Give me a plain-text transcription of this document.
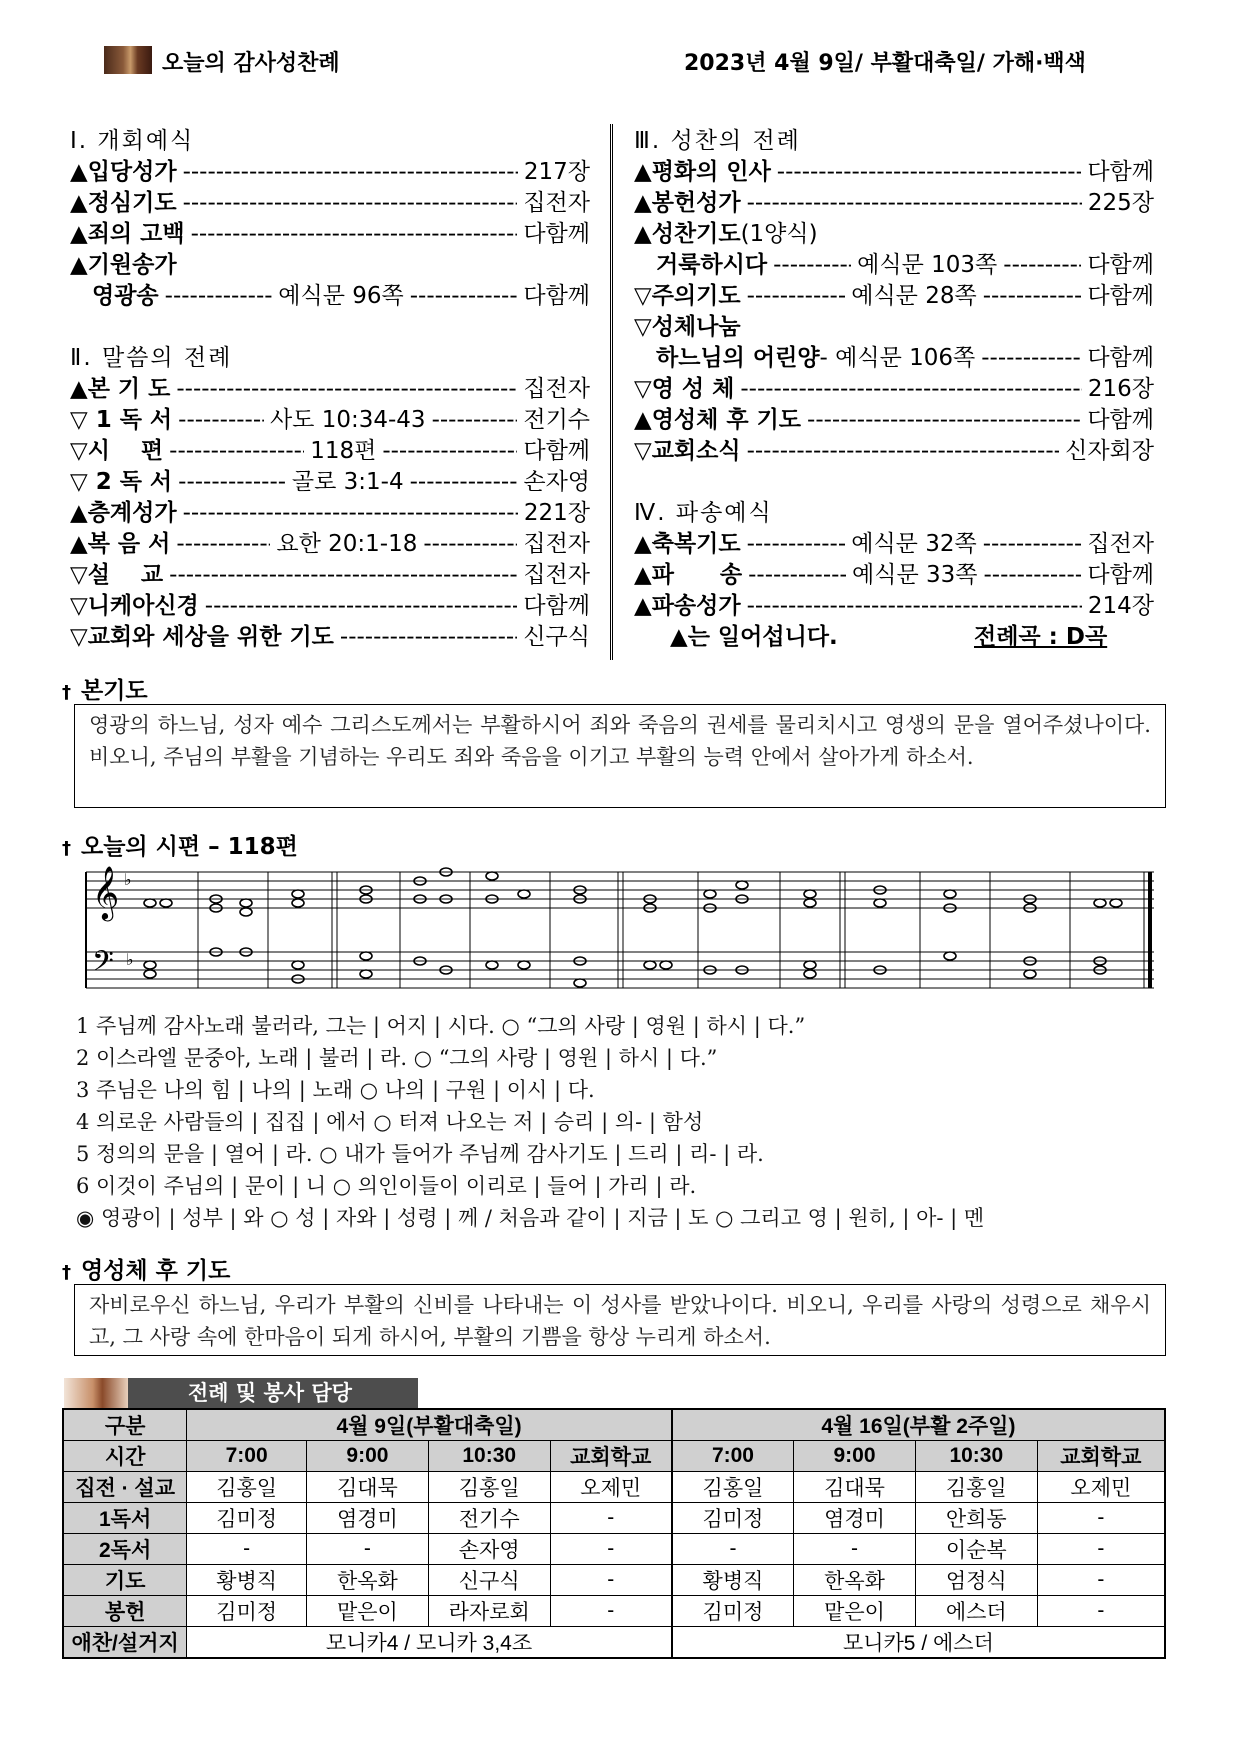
오늘의 감사성찬례	2023년 4월 9일/ 부활대축일/ 가해·백색
Ⅰ. 개회예식
▲입당성가 -----	217장
▲정심기도 -----	집전자
▲죄의 고백 -----	다함께
▲기원송가
영광송 -----	예식문 96쪽 -----	다함께
Ⅱ. 말씀의 전례
▲본 기 도 -----	집전자
▽ 1 독 서 -----	사도 10:34-43 -----	전기수
▽시　 편 -----	118편 -----	다함께
▽ 2 독 서 -----	골로 3:1-4 -----	손자영
▲층계성가 -----	221장
▲복 음 서 -----	요한 20:1-18 -----	집전자
▽설　 교 -----	집전자
▽니케아신경 -----	다함께
▽교회와 세상을 위한 기도 -----	신구식
Ⅲ. 성찬의 전례
▲평화의 인사 -----	다함께
▲봉헌성가 -----	225장
▲성찬기도 (1양식)
거룩하시다 -----	예식문 103쪽 -----	다함께
▽주의기도 -----	예식문 28쪽 -----	다함께
▽성체나눔
하느님의 어린양 - 예식문 106쪽 -----	다함께
▽영 성 체 -----	216장
▲영성체 후 기도 -----	다함께
▽교회소식 -----	신자회장
Ⅳ. 파송예식
▲축복기도 -----	예식문 32쪽 -----	집전자
▲파　　송 -----	예식문 33쪽 -----	다함께
▲파송성가 -----	214장
▲는 일어섭니다.	전례곡 : D곡
† 본기도
영광의 하느님, 성자 예수 그리스도께서는 부활하시어 죄와 죽음의 권세를 물리치시고 영생의 문을 열어주셨나이다. 비오니, 주님의 부활을 기념하는 우리도 죄와 죽음을 이기고 부활의 능력 안에서 살아가게 하소서.
† 오늘의 시편 – 118편
𝄞
𝄢
♭
♭
1 주님께 감사노래 불러라, 그는 | 어지 | 시다. ○ “그의 사랑 | 영원 | 하시 | 다.”
2 이스라엘 문중아, 노래 | 불러 | 라. ○ “그의 사랑 | 영원 | 하시 | 다.”
3 주님은 나의 힘 | 나의 | 노래 ○ 나의 | 구원 | 이시 | 다.
4 의로운 사람들의 | 집집 | 에서 ○ 터져 나오는 저 | 승리 | 의- | 함성
5 정의의 문을 | 열어 | 라. ○ 내가 들어가 주님께 감사기도 | 드리 | 리- | 라.
6 이것이 주님의 | 문이 | 니 ○ 의인이들이 이리로 | 들어 | 가리 | 라.
◉ 영광이 | 성부 | 와 ○ 성 | 자와 | 성령 | 께 / 처음과 같이 | 지금 | 도 ○ 그리고 영 | 원히, | 아- | 멘
† 영성체 후 기도
자비로우신 하느님, 우리가 부활의 신비를 나타내는 이 성사를 받았나이다. 비오니, 우리를 사랑의 성령으로 채우시고, 그 사랑 속에 한마음이 되게 하시어, 부활의 기쁨을 항상 누리게 하소서.
전례 및 봉사 담당
구분	4월 9일(부활대축일)				4월 16일(부활 2주일)			
시간	7:00	9:00	10:30	교회학교	7:00	9:00	10:30	교회학교
집전 · 설교	김홍일	김대묵	김홍일	오제민	김홍일	김대묵	김홍일	오제민
1독서	김미정	염경미	전기수	-	김미정	염경미	안희동	-
2독서	-	-	손자영	-	-	-	이순복	-
기도	황병직	한옥화	신구식	-	황병직	한옥화	엄정식	-
봉헌	김미정	맡은이	라자로회	-	김미정	맡은이	에스더	-
애찬/설거지	모니카4 / 모니카 3,4조				모니카5 / 에스더			
